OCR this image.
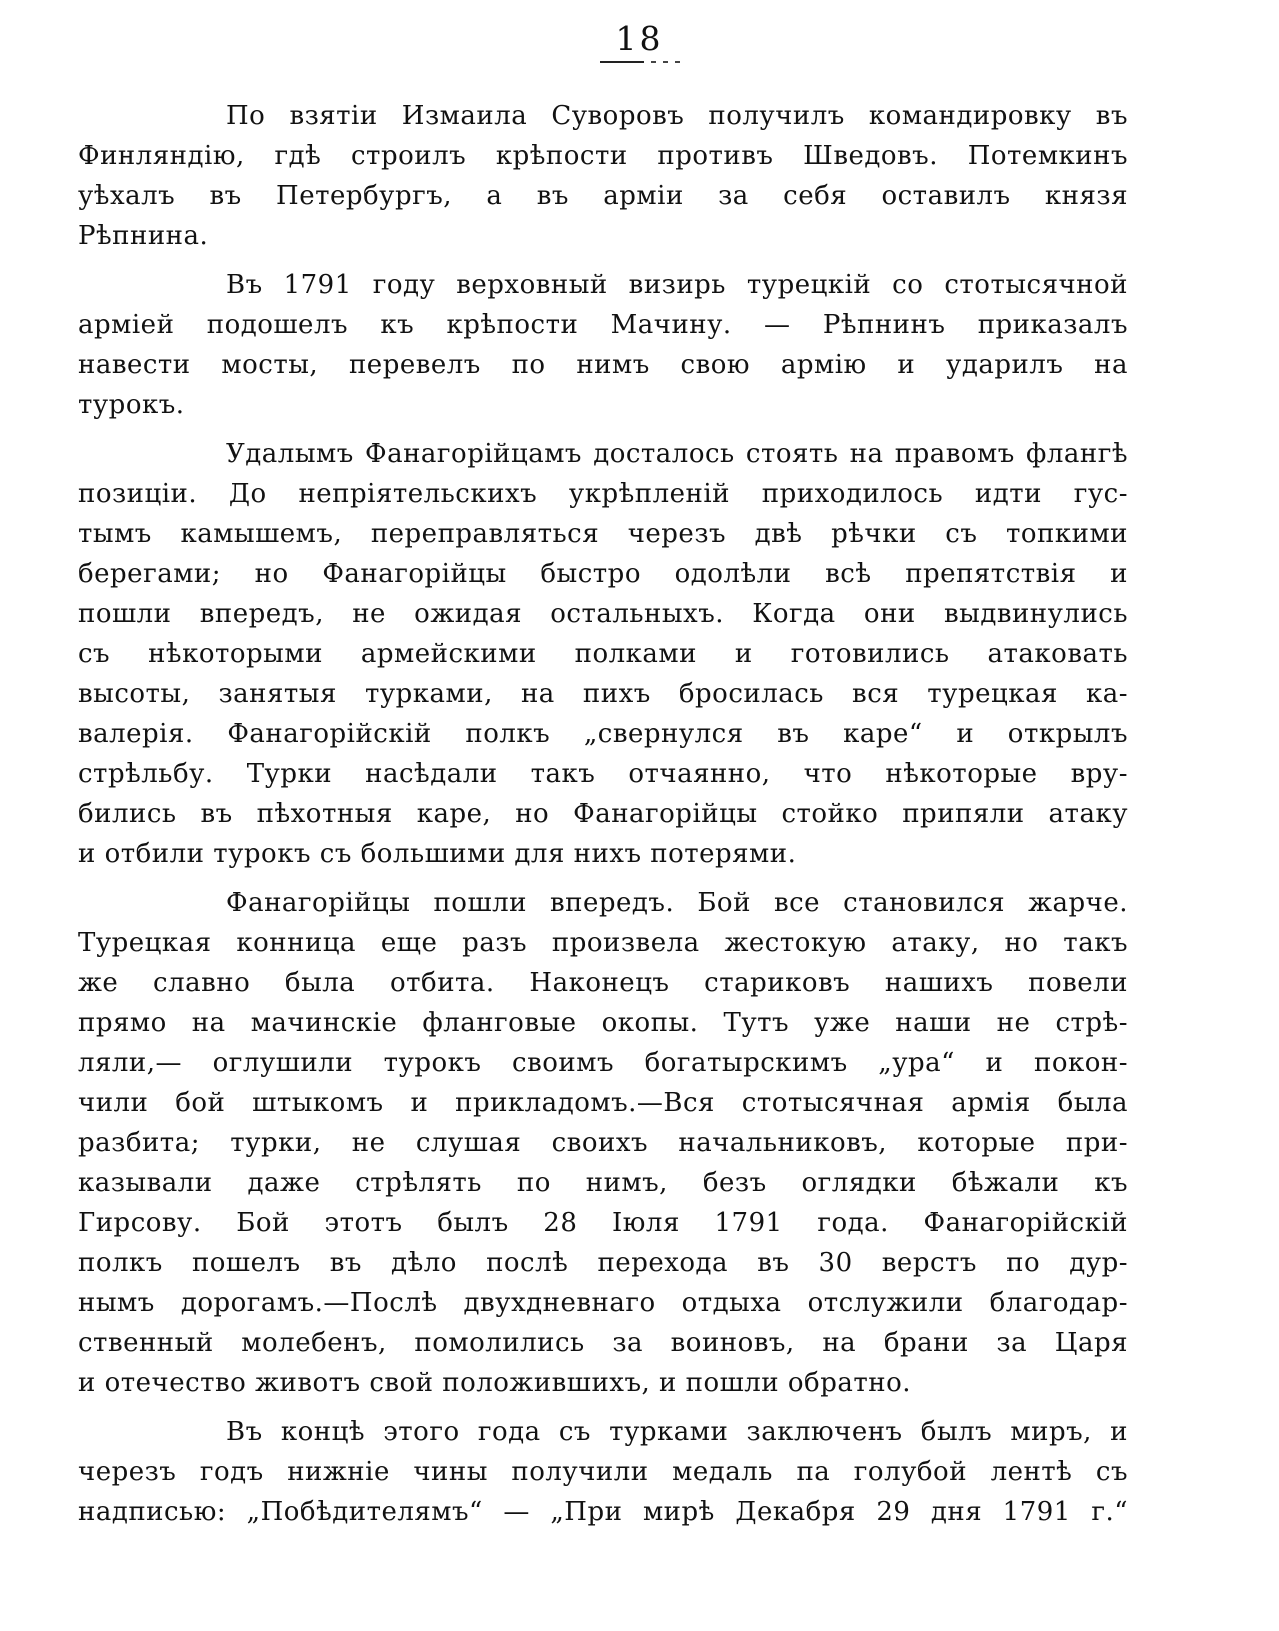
18
По взятіи Измаила Суворовъ получилъ командировку въ
Финляндію, гдѣ строилъ крѣпости противъ Шведовъ. Потемкинъ
уѣхалъ въ Петербургъ, а въ арміи за себя оставилъ князя
Рѣпнина.
Въ 1791 году верховный визирь турецкій со стотысячной
арміей подошелъ къ крѣпости Мачину. — Рѣпнинъ приказалъ
навести мосты, перевелъ по нимъ свою армію и ударилъ на
турокъ.
Удалымъ Фанагорійцамъ досталось стоять на правомъ флангѣ
позиціи. До непріятельскихъ укрѣпленій приходилось идти гус-
тымъ камышемъ, переправляться черезъ двѣ рѣчки съ топкими
берегами; но Фанагорійцы быстро одолѣли всѣ препятствія и
пошли впередъ, не ожидая остальныхъ. Когда они выдвинулись
съ нѣкоторыми армейскими полками и готовились атаковать
высоты, занятыя турками, на пихъ бросилась вся турецкая ка-
валерія. Фанагорійскій полкъ „свернулся въ каре“ и открылъ
стрѣльбу. Турки насѣдали такъ отчаянно, что нѣкоторые вру-
бились въ пѣхотныя каре, но Фанагорійцы стойко припяли атаку
и отбили турокъ съ большими для нихъ потерями.
Фанагорійцы пошли впередъ. Бой все становился жарче.
Турецкая конница еще разъ произвела жестокую атаку, но такъ
же славно была отбита. Наконецъ стариковъ нашихъ повели
прямо на мачинскіе фланговые окопы. Тутъ уже наши не стрѣ-
ляли,— оглушили турокъ своимъ богатырскимъ „ура“ и покон-
чили бой штыкомъ и прикладомъ.—Вся стотысячная армія была
разбита; турки, не слушая своихъ начальниковъ, которые при-
казывали даже стрѣлять по нимъ, безъ оглядки бѣжали къ
Гирсову. Бой этотъ былъ 28 Іюля 1791 года. Фанагорійскій
полкъ пошелъ въ дѣло послѣ перехода въ 30 верстъ по дур-
нымъ дорогамъ.—Послѣ двухдневнаго отдыха отслужили благодар-
ственный молебенъ, помолились за воиновъ, на брани за Царя
и отечество животъ свой положившихъ, и пошли обратно.
Въ концѣ этого года съ турками заключенъ былъ миръ, и
черезъ годъ нижніе чины получили медаль па голубой лентѣ съ
надписью: „Побѣдителямъ“ — „При мирѣ Декабря 29 дня 1791 г.“
